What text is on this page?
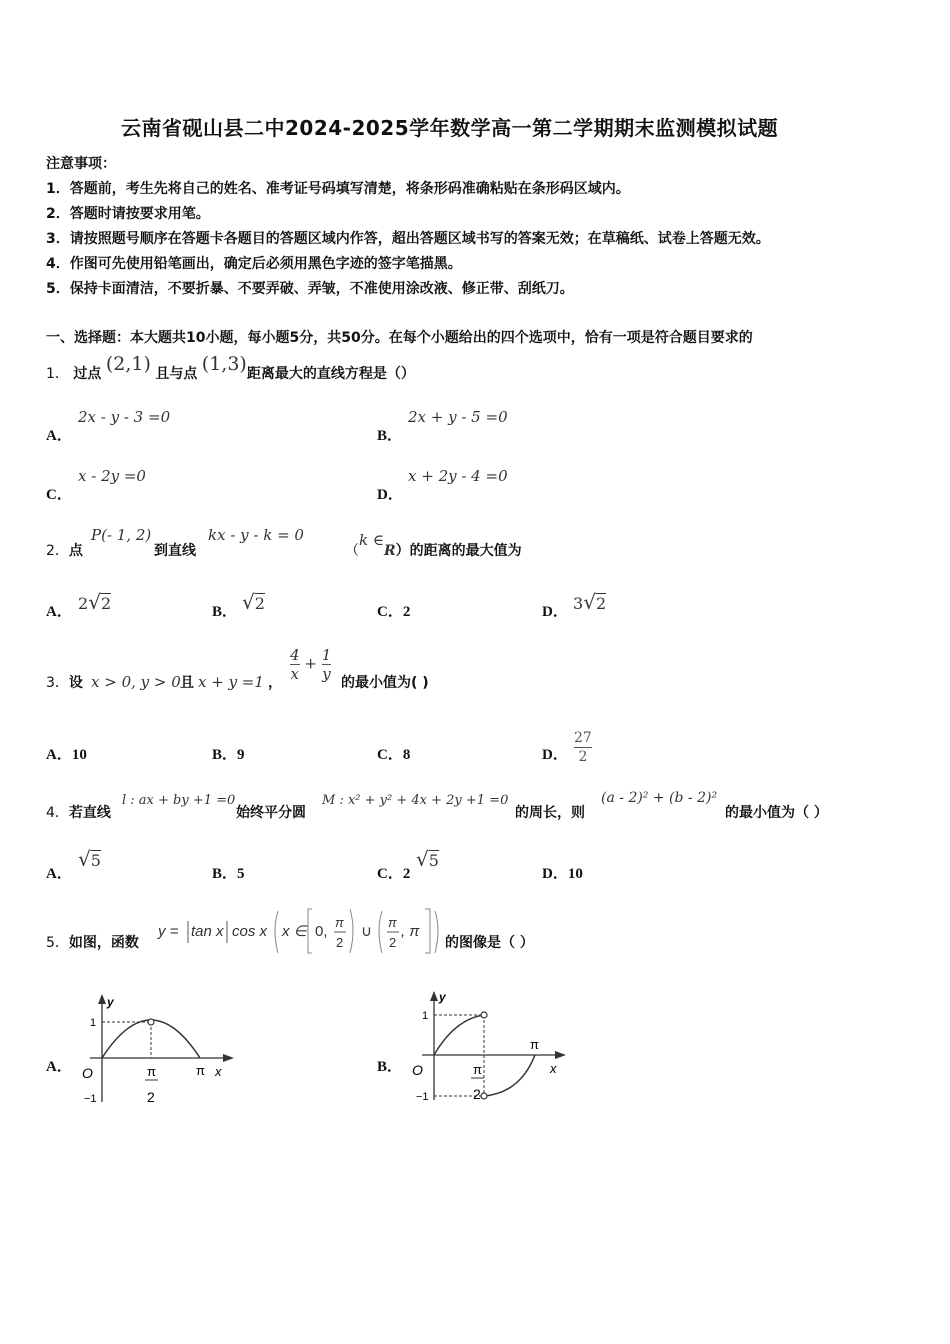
云南省砚山县二中2024-2025学年数学高一第二学期期末监测模拟试题
注意事项：
1．答题前，考生先将自己的姓名、准考证号码填写清楚，将条形码准确粘贴在条形码区域内。
2．答题时请按要求用笔。
3．请按照题号顺序在答题卡各题目的答题区域内作答，超出答题区域书写的答案无效；在草稿纸、试卷上答题无效。
4．作图可先使用铅笔画出，确定后必须用黑色字迹的签字笔描黑。
5．保持卡面清洁，不要折暴、不要弄破、弄皱，不准使用涂改液、修正带、刮纸刀。
一、选择题：本大题共10小题，每小题5分，共50分。在每个小题给出的四个选项中，恰有一项是符合题目要求的
1． 过点 (2,1) 且与点 (1,3)距离最大的直线方程是（）
A．
2x - y - 3 =0
B．
2x + y - 5 =0
C．
x - 2y =0
D．
x + 2y - 4 =0
2．点
P(- 1, 2)
到直线
kx - y - k = 0
（k ∈R）的距离的最大值为
A． 2√2	B． √2	C．2	D． 3√2
3．设 x > 0, y > 0 且 x + y =1 ， $\frac{4}{x} + \frac{1}{y}$ 的最小值为( )
A．10	B．9	C．8	D． $\frac{27}{2}$
4．若直线
l : ax + by +1 =0
始终平分圆
M : x² + y² + 4x + 2y +1 =0
的周长，则
(a - 2)² + (b - 2)²
的最小值为（ ）
A．
√5
B．5	C．2
√5
D．10
5．如图，函数
y = tan x cos x x ∈ 0,
π
2
∪
π
2
, π
的图像是（ ）
A．
y
x
O
1
−1
π
π
2
B．
y
x
O
1
−1
π
π
2
